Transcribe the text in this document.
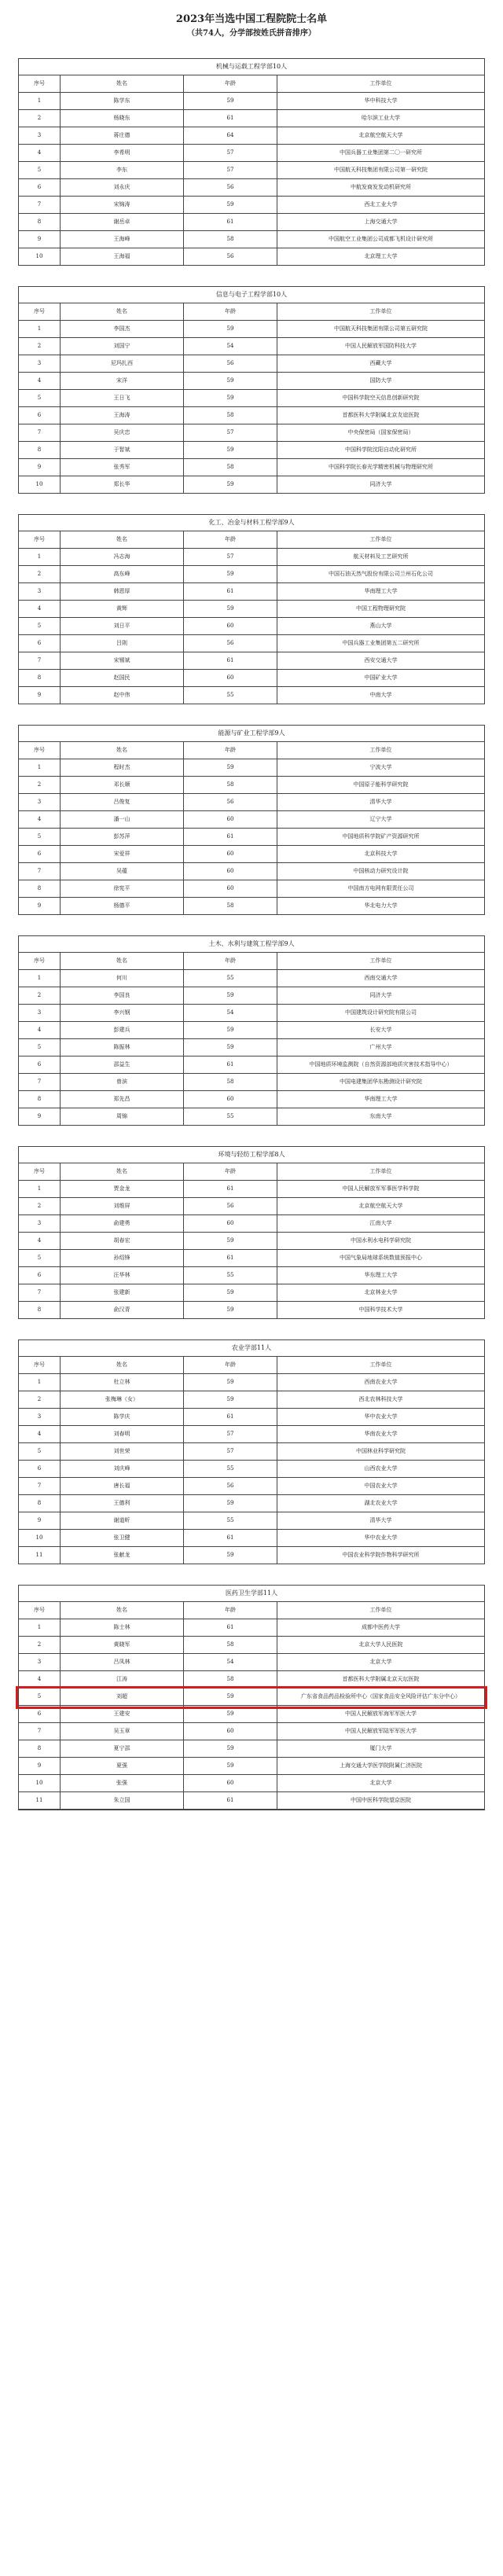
2023年当选中国工程院院士名单
（共74人，分学部按姓氏拼音排序）
机械与运载工程学部10人
序号	姓名	年龄	工作单位
1	陈学东	59	华中科技大学
2	杨晓东	61	哈尔滨工业大学
3	蒋庄德	64	北京航空航天大学
4	李希明	57	中国兵器工业集团第二〇一研究所
5	李东	57	中国航天科技集团有限公司第一研究院
6	刘永庆	56	中航发商发发动机研究所
7	宋锦涛	59	西北工业大学
8	谢岳卓	61	上海交通大学
9	王海峰	58	中国航空工业集团公司成都飞机设计研究所
10	王海福	56	北京理工大学
信息与电子工程学部10人
序号	姓名	年龄	工作单位
1	李国杰	59	中国航天科技集团有限公司第五研究院
2	刘国宁	54	中国人民解放军国防科技大学
3	尼玛扎西	56	西藏大学
4	宋洋	59	国防大学
5	王日飞	59	中国科学院空天信息创新研究院
6	王海涛	58	首都医科大学附属北京友谊医院
7	吴庆忠	57	中央保密局（国家保密局）
8	于智斌	59	中国科学院沈阳自动化研究所
9	张秀军	58	中国科学院长春光学精密机械与物理研究所
10	郑长华	59	同济大学
化工、冶金与材料工程学部9人
序号	姓名	年龄	工作单位
1	冯志海	57	航天材料及工艺研究所
2	高东峰	59	中国石油天然气股份有限公司兰州石化公司
3	韩恩厚	61	华南理工大学
4	黄辉	59	中国工程物理研究院
5	刘日平	60	燕山大学
6	吕則	56	中国兵器工业集团第五二研究所
7	宋锡斌	61	西安交通大学
8	赵国民	60	中国矿业大学
9	赵中伟	55	中南大学
能源与矿业工程学部9人
序号	姓名	年龄	工作单位
1	程时杰	59	宁波大学
2	邓长顺	58	中国原子能科学研究院
3	吕俊复	56	清华大学
4	潘一山	60	辽宁大学
5	彭苏萍	61	中国地质科学院矿产资源研究所
6	宋爱祥	60	北京科技大学
7	吴蕴	60	中国核动力研究设计院
8	徐宪平	60	中国南方电网有限责任公司
9	杨德平	58	华北电力大学
土木、水利与建筑工程学部9人
序号	姓名	年龄	工作单位
1	何川	55	西南交通大学
2	李国良	59	同济大学
3	李兴钢	54	中国建筑设计研究院有限公司
4	彭建兵	59	长安大学
5	陈振林	59	广州大学
6	邵益生	61	中国地质环境监测院（自然资源部地质灾害技术指导中心）
7	曾滨	58	中国电建集团华东勘测设计研究院
8	郑先昌	60	华南理工大学
9	周锦	55	东南大学
环境与轻纺工程学部8人
序号	姓名	年龄	工作单位
1	贾金龙	61	中国人民解放军军事医学科学院
2	刘维屏	56	北京航空航天大学
3	俞建勇	60	江南大学
4	胡春宏	59	中国水利水电科学研究院
5	孙绍锋	61	中国气象局地球系统数值预报中心
6	汪华林	55	华东理工大学
7	张建新	59	北京林业大学
8	俞汉青	59	中国科学技术大学
农业学部11人
序号	姓名	年龄	工作单位
1	杜立林	59	西南农业大学
2	张梅琳（女）	59	西北农林科技大学
3	陈学庆	61	华中农业大学
4	刘春明	57	华南农业大学
5	刘世荣	57	中国林业科学研究院
6	刘庆峰	55	山西农业大学
7	唐长福	56	中国农业大学
8	王德利	59	湖北农业大学
9	谢道昕	55	清华大学
10	张卫健	61	华中农业大学
11	张献龙	59	中国农业科学院作物科学研究所
医药卫生学部11人
序号	姓名	年龄	工作单位
1	陈士林	61	成都中医药大学
2	黄晓军	58	北京大学人民医院
3	吕凤林	54	北京大学
4	江涛	58	首都医科大学附属北京天坛医院
5	刘超	59	广东省食品药品检验所中心（国家食品安全风险评估广东分中心）
6	王建安	59	中国人民解放军海军军医大学
7	吴玉章	60	中国人民解放军陆军军医大学
8	夏宁邵	59	厦门大学
9	夏强	59	上海交通大学医学院附属仁济医院
10	张强	60	北京大学
11	朱立国	61	中国中医科学院望京医院
